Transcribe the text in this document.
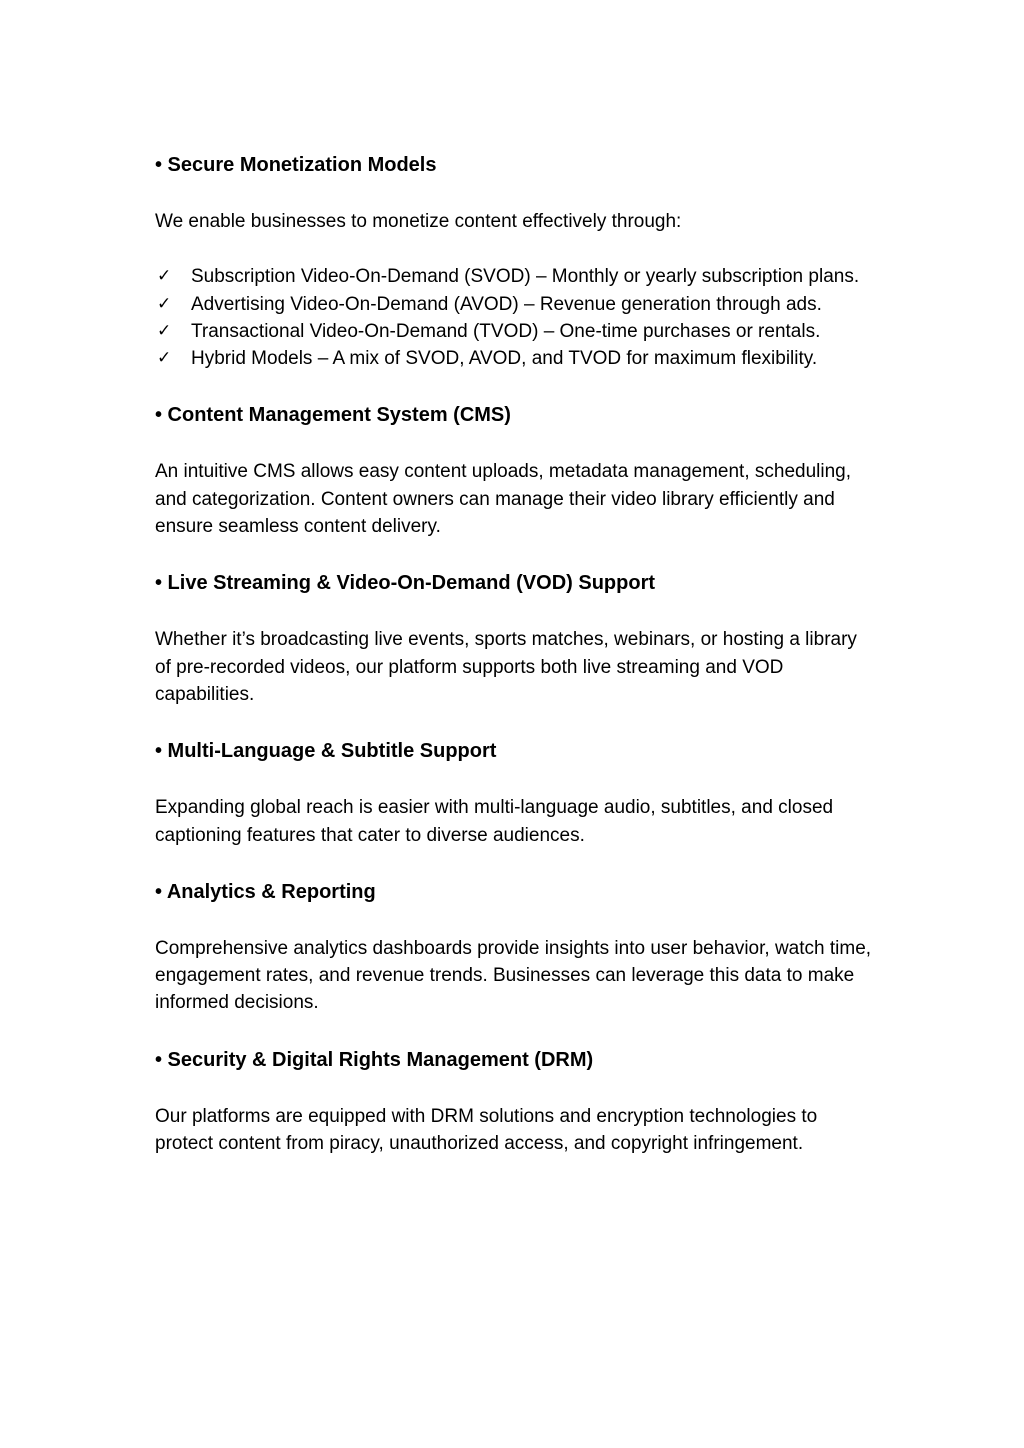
• Secure Monetization Models

We enable businesses to monetize content effectively through:

✓ Subscription Video-On-Demand (SVOD) – Monthly or yearly subscription plans.
✓ Advertising Video-On-Demand (AVOD) – Revenue generation through ads.
✓ Transactional Video-On-Demand (TVOD) – One-time purchases or rentals.
✓ Hybrid Models – A mix of SVOD, AVOD, and TVOD for maximum flexibility.

• Content Management System (CMS)

An intuitive CMS allows easy content uploads, metadata management, scheduling, and categorization. Content owners can manage their video library efficiently and ensure seamless content delivery.

• Live Streaming & Video-On-Demand (VOD) Support

Whether it’s broadcasting live events, sports matches, webinars, or hosting a library of pre-recorded videos, our platform supports both live streaming and VOD capabilities.

• Multi-Language & Subtitle Support

Expanding global reach is easier with multi-language audio, subtitles, and closed captioning features that cater to diverse audiences.

• Analytics & Reporting

Comprehensive analytics dashboards provide insights into user behavior, watch time, engagement rates, and revenue trends. Businesses can leverage this data to make informed decisions.

• Security & Digital Rights Management (DRM)

Our platforms are equipped with DRM solutions and encryption technologies to protect content from piracy, unauthorized access, and copyright infringement.
